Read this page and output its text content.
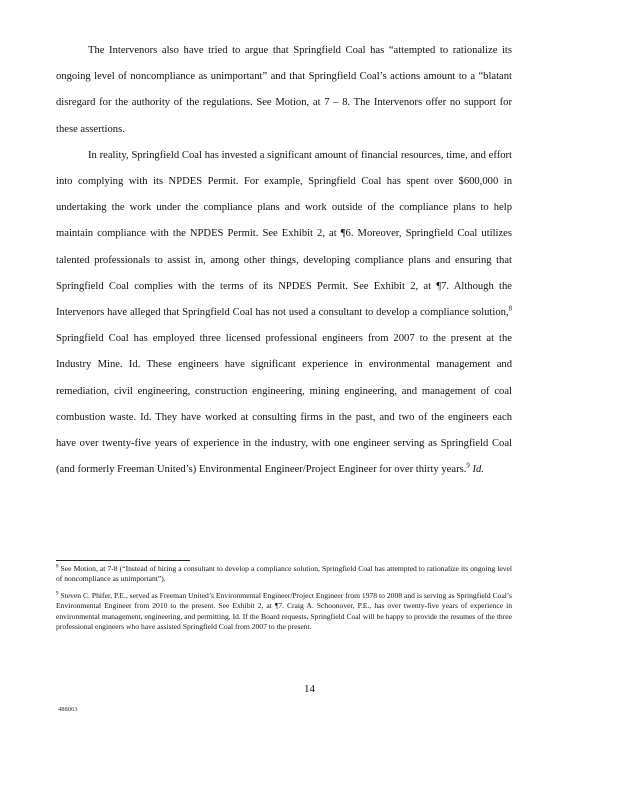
The Intervenors also have tried to argue that Springfield Coal has “attempted to rationalize its ongoing level of noncompliance as unimportant” and that Springfield Coal’s actions amount to a “blatant disregard for the authority of the regulations. See Motion, at 7 – 8. The Intervenors offer no support for these assertions.

In reality, Springfield Coal has invested a significant amount of financial resources, time, and effort into complying with its NPDES Permit. For example, Springfield Coal has spent over $600,000 in undertaking the work under the compliance plans and work outside of the compliance plans to help maintain compliance with the NPDES Permit. See Exhibit 2, at ¶6. Moreover, Springfield Coal utilizes talented professionals to assist in, among other things, developing compliance plans and ensuring that Springfield Coal complies with the terms of its NPDES Permit. See Exhibit 2, at ¶7. Although the Intervenors have alleged that Springfield Coal has not used a consultant to develop a compliance solution,$^8$ Springfield Coal has employed three licensed professional engineers from 2007 to the present at the Industry Mine. Id. These engineers have significant experience in environmental management and remediation, civil engineering, construction engineering, mining engineering, and management of coal combustion waste. Id. They have worked at consulting firms in the past, and two of the engineers each have over twenty-five years of experience in the industry, with one engineer serving as Springfield Coal (and formerly Freeman United’s) Environmental Engineer/Project Engineer for over thirty years.$^9$ Id.

$^8$ See Motion, at 7-8 (“Instead of hiring a consultant to develop a compliance solution, Springfield Coal has attempted to rationalize its ongoing level of noncompliance as unimportant”).

$^9$ Steven C. Phifer, P.E., served as Freeman United’s Environmental Engineer/Project Engineer from 1978 to 2008 and is serving as Springfield Coal’s Environmental Engineer from 2010 to the present. See Exhibit 2, at ¶7. Craig A. Schoonover, P.E., has over twenty-five years of experience in environmental management, engineering, and permitting. Id. If the Board requests, Springfield Coal will be happy to provide the resumes of the three professional engineers who have assisted Springfield Coal from 2007 to the present.

14
488063
